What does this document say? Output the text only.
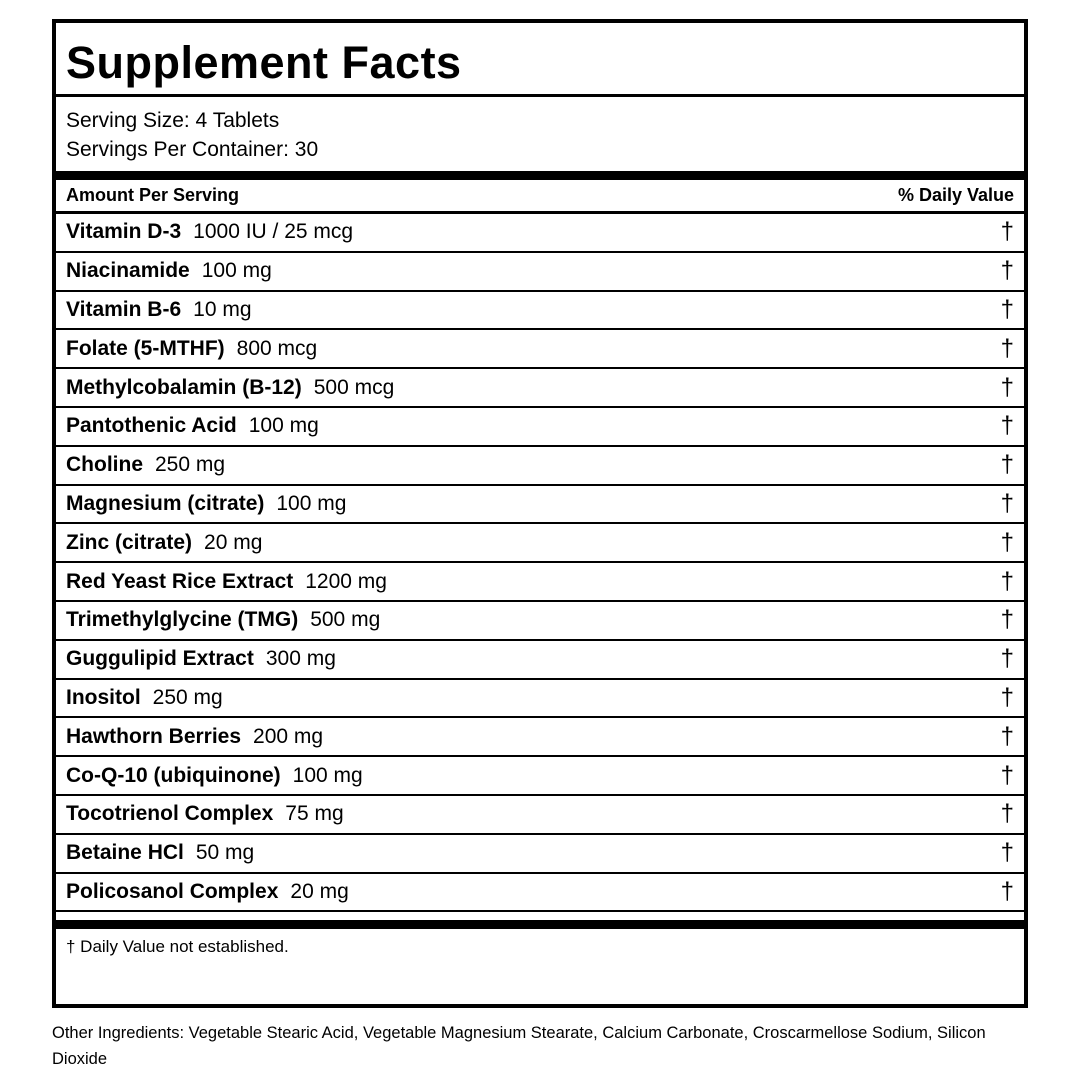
Supplement Facts
Serving Size: 4 Tablets
Servings Per Container: 30
Amount Per Serving	% Daily Value
Vitamin D-3 1000 IU / 25 mcg	†
Niacinamide 100 mg	†
Vitamin B-6 10 mg	†
Folate (5-MTHF) 800 mcg	†
Methylcobalamin (B-12) 500 mcg	†
Pantothenic Acid 100 mg	†
Choline 250 mg	†
Magnesium (citrate) 100 mg	†
Zinc (citrate) 20 mg	†
Red Yeast Rice Extract 1200 mg	†
Trimethylglycine (TMG) 500 mg	†
Guggulipid Extract 300 mg	†
Inositol 250 mg	†
Hawthorn Berries 200 mg	†
Co-Q-10 (ubiquinone) 100 mg	†
Tocotrienol Complex 75 mg	†
Betaine HCl 50 mg	†
Policosanol Complex 20 mg	†
† Daily Value not established.

Other Ingredients: Vegetable Stearic Acid, Vegetable Magnesium Stearate, Calcium Carbonate, Croscarmellose Sodium, Silicon Dioxide
